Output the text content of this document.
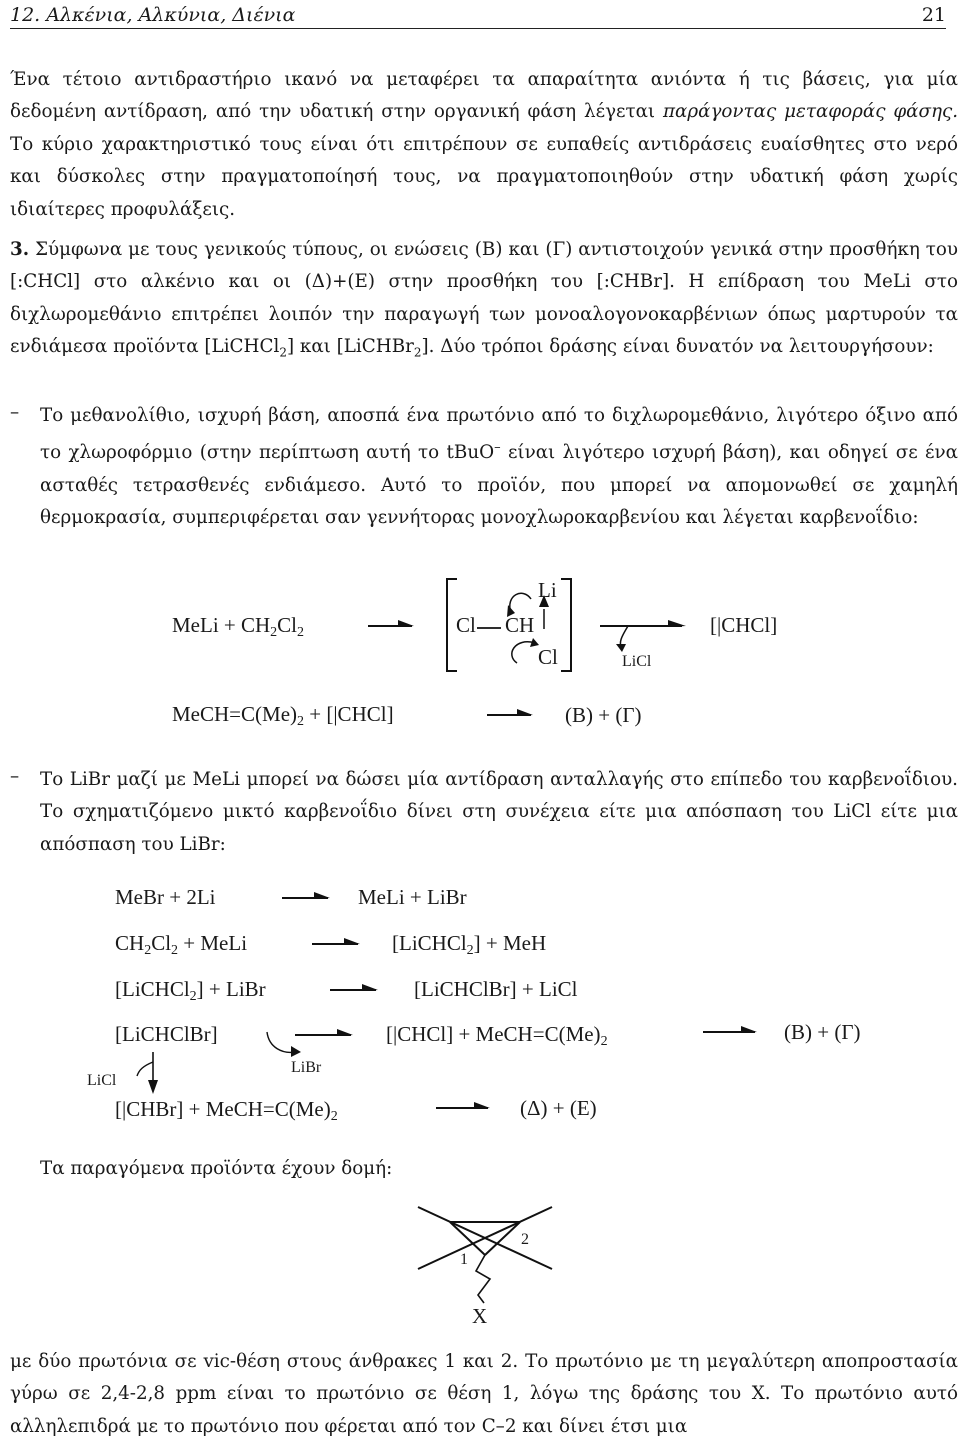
12. Αλκένια, Αλκύνια, Διένια	21
Ένα τέτοιο αντιδραστήριο ικανό να μεταφέρει τα απαραίτητα ανιόντα ή τις βάσεις, για μία δεδομένη αντίδραση, από την υδατική στην οργανική φάση λέγεται παράγοντας μεταφοράς φάσης. Το κύριο χαρακτηριστικό τους είναι ότι επιτρέπουν σε ευπαθείς αντιδράσεις ευαίσθητες στο νερό και δύσκολες στην πραγματοποίησή τους, να πραγματοποιηθούν στην υδατική φάση χωρίς ιδιαίτερες προφυλάξεις.
3. Σύμφωνα με τους γενικούς τύπους, οι ενώσεις (Β) και (Γ) αντιστοιχούν γενικά στην προσθήκη του [:CHCl] στο αλκένιο και οι (Δ)+(Ε) στην προσθήκη του [:CHBr]. Η επίδραση του MeLi στο διχλωρομεθάνιο επιτρέπει λοιπόν την παραγωγή των μονοαλογονοκαρβένιων όπως μαρτυρούν τα ενδιάμεσα προϊόντα [LiCHCl$_2$] και [LiCHBr$_2$]. Δύο τρόποι δράσης είναι δυνατόν να λειτουργήσουν:
– Το μεθανολίθιο, ισχυρή βάση, αποσπά ένα πρωτόνιο από το διχλωρομεθάνιο, λιγότερο όξινο από το χλωροφόρμιο (στην περίπτωση αυτή το tBuO– είναι λιγότερο ισχυρή βάση), και οδηγεί σε ένα ασταθές τετρασθενές ενδιάμεσο. Αυτό το προϊόν, που μπορεί να απομονωθεί σε χαμηλή θερμοκρασία, συμπεριφέρεται σαν γεννήτορας μονοχλωροκαρβενίου και λέγεται καρβενοΐδιο:
MeLi + CH2Cl2
Li
Cl CH
Cl	LiCl
[|CHCl]
MeCH=C(Me)2 + [|CHCl]	(Β) + (Γ)
– Το LiBr μαζί με MeLi μπορεί να δώσει μία αντίδραση ανταλλαγής στο επίπεδο του καρβενοΐδιου. Το σχηματιζόμενο μικτό καρβενοΐδιο δίνει στη συνέχεια είτε μια απόσπαση του LiCl είτε μια απόσπαση του LiBr:
MeBr + 2Li	MeLi + LiBr
CH2Cl2 + MeLi	[LiCHCl2] + MeH
[LiCHCl2] + LiBr	[LiCHClBr] + LiCl
[LiCHClBr]	[|CHCl] + MeCH=C(Me)2	(Β) + (Γ)
LiCl
LiBr
[|CHBr] + MeCH=C(Me)2	(Δ) + (Ε)
Τα παραγόμενα προϊόντα έχουν δομή:
1
2
X
με δύο πρωτόνια σε vic-θέση στους άνθρακες 1 και 2. Το πρωτόνιο με τη μεγαλύτερη αποπροστασία γύρω σε 2,4-2,8 ppm είναι το πρωτόνιο σε θέση 1, λόγω της δράσης του X. Το πρωτόνιο αυτό αλληλεπιδρά με το πρωτόνιο που φέρεται από τον C–2 και δίνει έτσι μια
